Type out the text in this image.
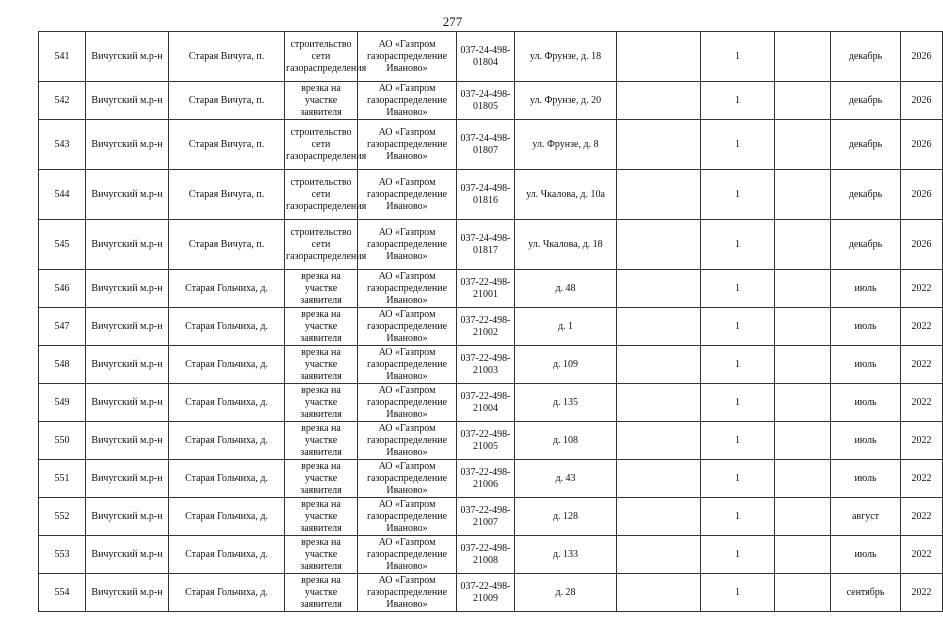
277
541	Вичугский м.р-н	Старая Вичуга, п.	строительство сети газораспределения	АО «Газпром газораспределение Иваново»	037-24-498-01804	ул. Фрунзе, д. 18		1		декабрь	2026
542	Вичугский м.р-н	Старая Вичуга, п.	врезка на участке заявителя	АО «Газпром газораспределение Иваново»	037-24-498-01805	ул. Фрунзе, д. 20		1		декабрь	2026
543	Вичугский м.р-н	Старая Вичуга, п.	строительство сети газораспределения	АО «Газпром газораспределение Иваново»	037-24-498-01807	ул. Фрунзе, д. 8		1		декабрь	2026
544	Вичугский м.р-н	Старая Вичуга, п.	строительство сети газораспределения	АО «Газпром газораспределение Иваново»	037-24-498-01816	ул. Чкалова, д. 10а		1		декабрь	2026
545	Вичугский м.р-н	Старая Вичуга, п.	строительство сети газораспределения	АО «Газпром газораспределение Иваново»	037-24-498-01817	ул. Чкалова, д. 18		1		декабрь	2026
546	Вичугский м.р-н	Старая Гольчиха, д.	врезка на участке заявителя	АО «Газпром газораспределение Иваново»	037-22-498-21001	д. 48		1		июль	2022
547	Вичугский м.р-н	Старая Гольчиха, д.	врезка на участке заявителя	АО «Газпром газораспределение Иваново»	037-22-498-21002	д. 1		1		июль	2022
548	Вичугский м.р-н	Старая Гольчиха, д.	врезка на участке заявителя	АО «Газпром газораспределение Иваново»	037-22-498-21003	д. 109		1		июль	2022
549	Вичугский м.р-н	Старая Гольчиха, д.	врезка на участке заявителя	АО «Газпром газораспределение Иваново»	037-22-498-21004	д. 135		1		июль	2022
550	Вичугский м.р-н	Старая Гольчиха, д.	врезка на участке заявителя	АО «Газпром газораспределение Иваново»	037-22-498-21005	д. 108		1		июль	2022
551	Вичугский м.р-н	Старая Гольчиха, д.	врезка на участке заявителя	АО «Газпром газораспределение Иваново»	037-22-498-21006	д. 43		1		июль	2022
552	Вичугский м.р-н	Старая Гольчиха, д.	врезка на участке заявителя	АО «Газпром газораспределение Иваново»	037-22-498-21007	д. 128		1		август	2022
553	Вичугский м.р-н	Старая Гольчиха, д.	врезка на участке заявителя	АО «Газпром газораспределение Иваново»	037-22-498-21008	д. 133		1		июль	2022
554	Вичугский м.р-н	Старая Гольчиха, д.	врезка на участке заявителя	АО «Газпром газораспределение Иваново»	037-22-498-21009	д. 28		1		сентябрь	2022
